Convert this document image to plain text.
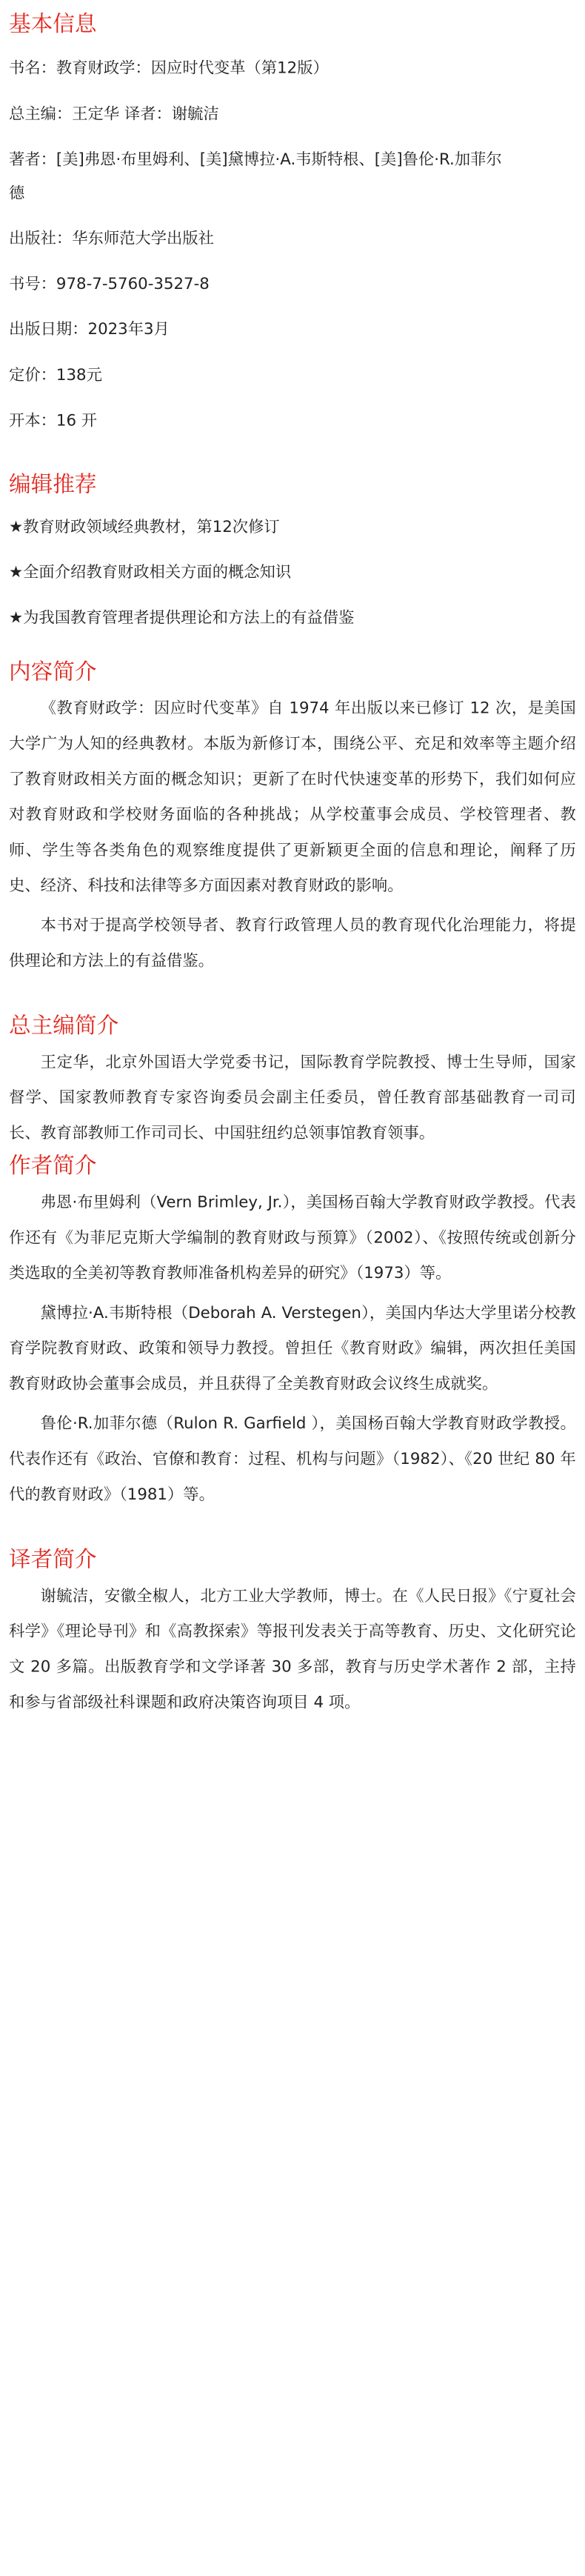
基本信息

书名：教育财政学：因应时代变革（第12版）

总主编：王定华 译者：谢毓洁

著者：[美]弗恩·布里姆利、[美]黛博拉·A.韦斯特根、[美]鲁伦·R.加菲尔

德

出版社：华东师范大学出版社

书号：978-7-5760-3527-8

出版日期：2023年3月

定价：138元

开本：16 开

编辑推荐

★教育财政领域经典教材，第12次修订

★全面介绍教育财政相关方面的概念知识

★为我国教育管理者提供理论和方法上的有益借鉴

内容简介

《教育财政学：因应时代变革》自 1974 年出版以来已修订 12 次，是美国大学广为人知的经典教材。本版为新修订本，围绕公平、充足和效率等主题介绍了教育财政相关方面的概念知识；更新了在时代快速变革的形势下，我们如何应对教育财政和学校财务面临的各种挑战；从学校董事会成员、学校管理者、教师、学生等各类角色的观察维度提供了更新颖更全面的信息和理论，阐释了历史、经济、科技和法律等多方面因素对教育财政的影响。

本书对于提高学校领导者、教育行政管理人员的教育现代化治理能力，将提供理论和方法上的有益借鉴。

总主编简介

王定华，北京外国语大学党委书记，国际教育学院教授、博士生导师，国家督学、国家教师教育专家咨询委员会副主任委员，曾任教育部基础教育一司司长、教育部教师工作司司长、中国驻纽约总领事馆教育领事。

作者简介

弗恩·布里姆利（Vern Brimley, Jr.），美国杨百翰大学教育财政学教授。代表作还有《为菲尼克斯大学编制的教育财政与预算》（2002）、《按照传统或创新分类选取的全美初等教育教师准备机构差异的研究》（1973）等。

黛博拉·A.韦斯特根（Deborah A. Verstegen），美国内华达大学里诺分校教育学院教育财政、政策和领导力教授。曾担任《教育财政》编辑，两次担任美国教育财政协会董事会成员，并且获得了全美教育财政会议终生成就奖。

鲁伦·R.加菲尔德（Rulon R. Garfield ），美国杨百翰大学教育财政学教授。代表作还有《政治、官僚和教育：过程、机构与问题》（1982）、《20 世纪 80 年代的教育财政》（1981）等。

译者简介

谢毓洁，安徽全椒人，北方工业大学教师，博士。在《人民日报》《宁夏社会科学》《理论导刊》和《高教探索》等报刊发表关于高等教育、历史、文化研究论文 20 多篇。出版教育学和文学译著 30 多部，教育与历史学术著作 2 部，主持和参与省部级社科课题和政府决策咨询项目 4 项。
